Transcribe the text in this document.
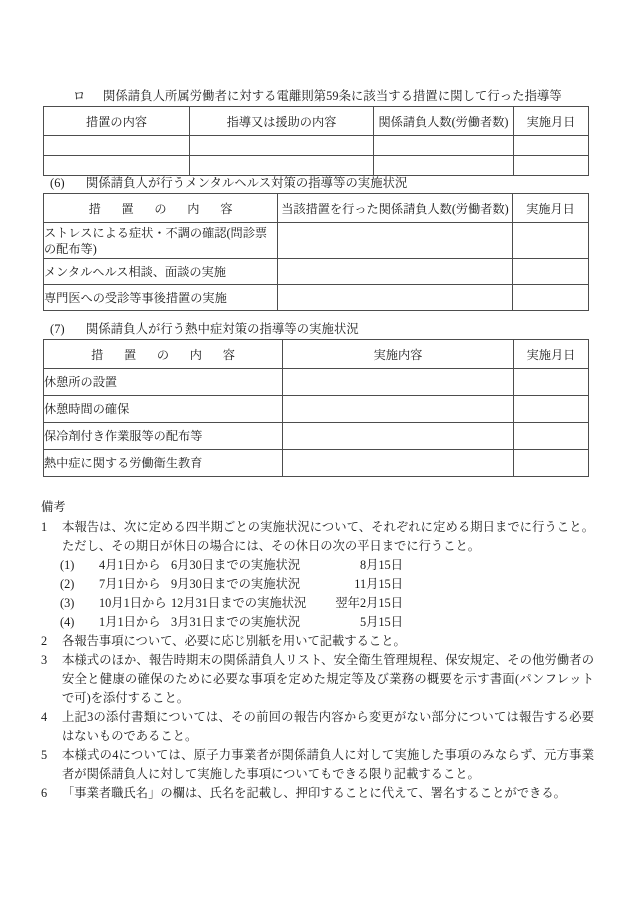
ロ 関係請負人所属労働者に対する電離則第59条に該当する措置に関して行った指導等
措置の内容	指導又は援助の内容	関係請負人数(労働者数)	実施月日

(6) 関係請負人が行うメンタルヘルス対策の指導等の実施状況
措　置　の　内　容	当該措置を行った関係請負人数(労働者数)	実施月日
ストレスによる症状・不調の確認(問診票の配布等)		
メンタルヘルス相談、面談の実施		
専門医への受診等事後措置の実施		
(7) 関係請負人が行う熱中症対策の指導等の実施状況
措　置　の　内　容	実施内容	実施月日
休憩所の設置		
休憩時間の確保		
保冷剤付き作業服等の配布等		
熱中症に関する労働衛生教育		
備考
1	本報告は、次に定める四半期ごとの実施状況について、それぞれに定める期日までに行うこと。ただし、その期日が休日の場合には、その休日の次の平日までに行うこと。
(1)	4月1日から 6月30日までの実施状況	8月15日
(2)	7月1日から 9月30日までの実施状況	11月15日
(3)	10月1日から 12月31日までの実施状況	翌年2月15日
(4)	1月1日から 3月31日までの実施状況	5月15日
2	各報告事項について、必要に応じ別紙を用いて記載すること。
3	本様式のほか、報告時期末の関係請負人リスト、安全衛生管理規程、保安規定、その他労働者の安全と健康の確保のために必要な事項を定めた規定等及び業務の概要を示す書面(パンフレットで可)を添付すること。
4	上記3の添付書類については、その前回の報告内容から変更がない部分については報告する必要はないものであること。
5	本様式の4については、原子力事業者が関係請負人に対して実施した事項のみならず、元方事業者が関係請負人に対して実施した事項についてもできる限り記載すること。
6	「事業者職氏名」の欄は、氏名を記載し、押印することに代えて、署名することができる。
